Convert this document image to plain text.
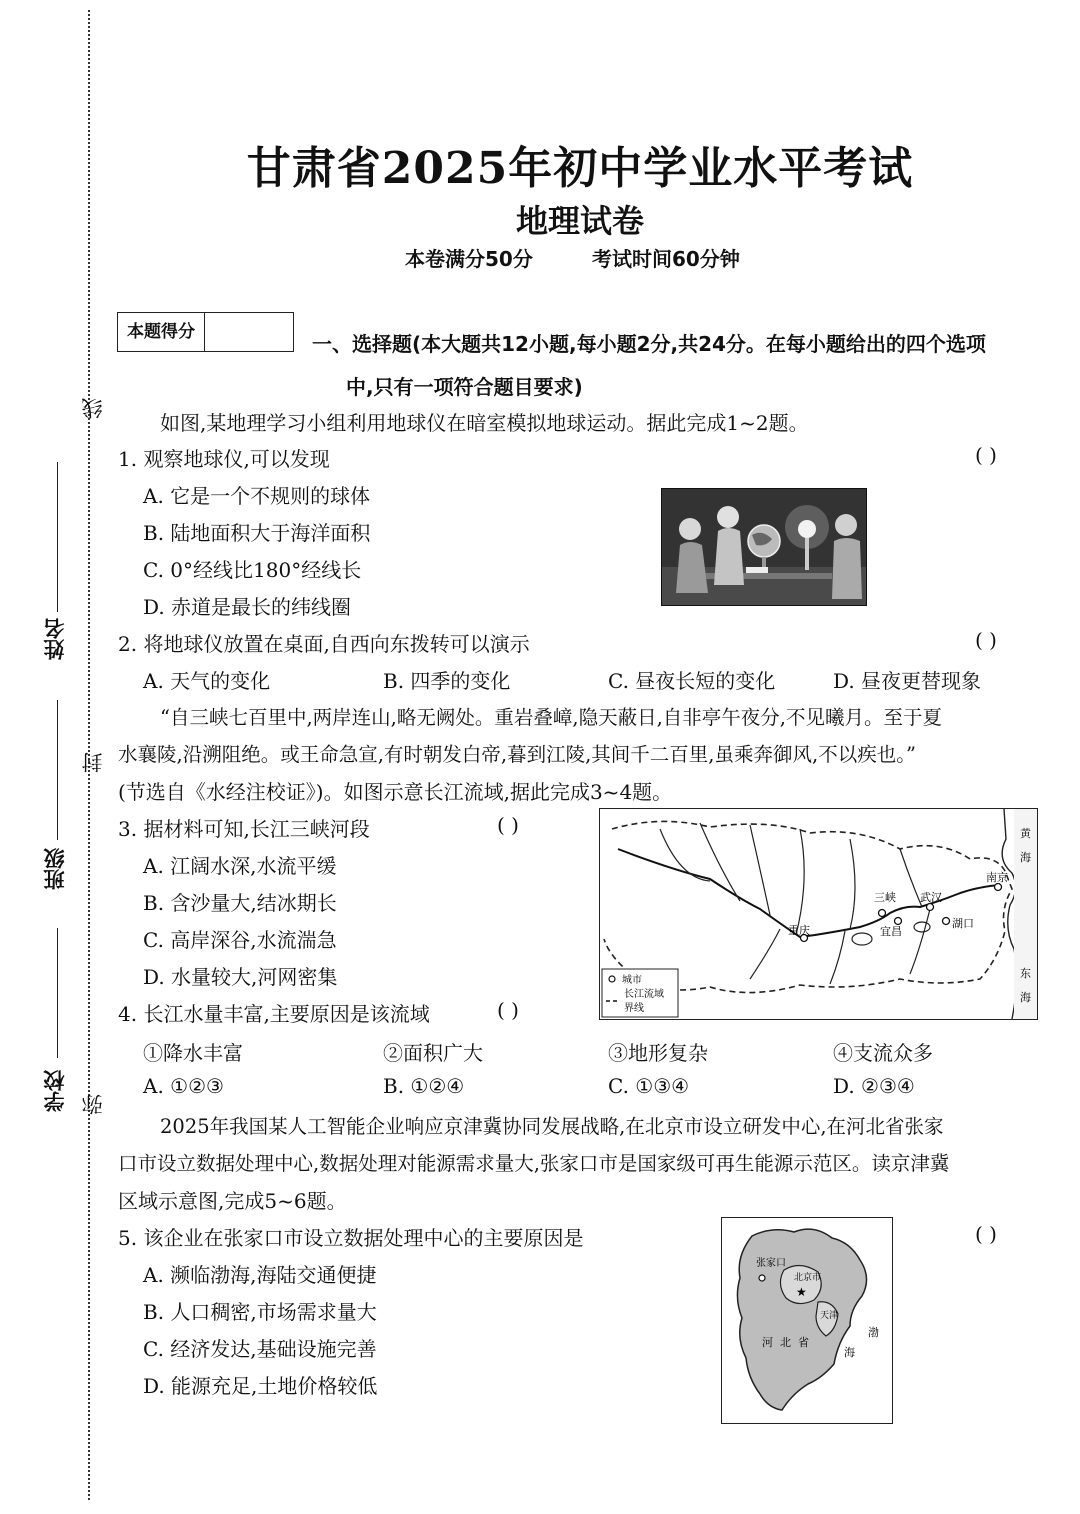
线
封
弥
姓名
班级
学校
甘肃省2025年初中学业水平考试
地理试卷
本卷满分50分	考试时间60分钟
本题得分	一、选择题(本大题共12小题,每小题2分,共24分。在每小题给出的四个选项
中,只有一项符合题目要求)
如图,某地理学习小组利用地球仪在暗室模拟地球运动。据此完成1~2题。
1. 观察地球仪,可以发现	( )
A. 它是一个不规则的球体
B. 陆地面积大于海洋面积
C. 0°经线比180°经线长
D. 赤道是最长的纬线圈
2. 将地球仪放置在桌面,自西向东拨转可以演示	( )
A. 天气的变化	B. 四季的变化	C. 昼夜长短的变化	D. 昼夜更替现象
“自三峡七百里中,两岸连山,略无阙处。重岩叠嶂,隐天蔽日,自非亭午夜分,不见曦月。至于夏
水襄陵,沿溯阻绝。或王命急宣,有时朝发白帝,暮到江陵,其间千二百里,虽乘奔御风,不以疾也。”
(节选自《水经注校证》)。如图示意长江流域,据此完成3~4题。
3. 据材料可知,长江三峡河段	( )
A. 江阔水深,水流平缓
B. 含沙量大,结冰期长
C. 高岸深谷,水流湍急
D. 水量较大,河网密集
重庆
三峡
宜昌
武汉
湖口
南京
黄
海
东
海
城市
长江流域
界线
4. 长江水量丰富,主要原因是该流域	( )
①降水丰富	②面积广大	③地形复杂	④支流众多
A. ①②③	B. ①②④	C. ①③④	D. ②③④
2025年我国某人工智能企业响应京津冀协同发展战略,在北京市设立研发中心,在河北省张家
口市设立数据处理中心,数据处理对能源需求量大,张家口市是国家级可再生能源示范区。读京津冀
区域示意图,完成5~6题。
5. 该企业在张家口市设立数据处理中心的主要原因是	( )
A. 濒临渤海,海陆交通便捷
B. 人口稠密,市场需求量大
C. 经济发达,基础设施完善
D. 能源充足,土地价格较低
★
张家口
北京市
天津
河 北 省
渤
海
